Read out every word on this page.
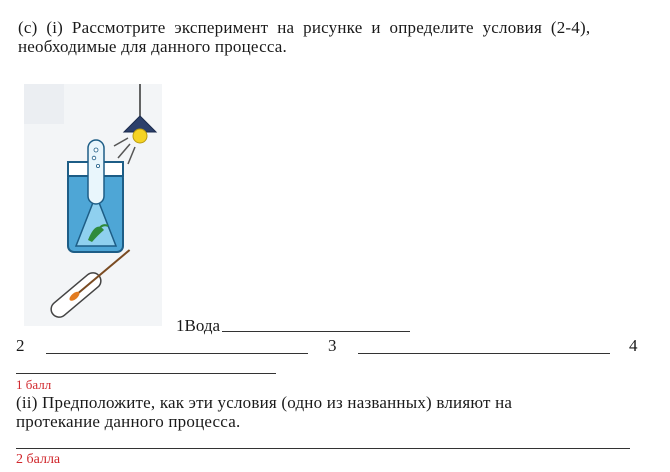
(c)  (i)  Рассмотрите  эксперимент  на  рисунке  и  определите  условия  (2-4),
необходимые для данного процесса.
1Вода
2	3	4
1 балл
(ii) Предположите, как эти условия (одно из названных) влияют на
протекание данного процесса.
2 балла
